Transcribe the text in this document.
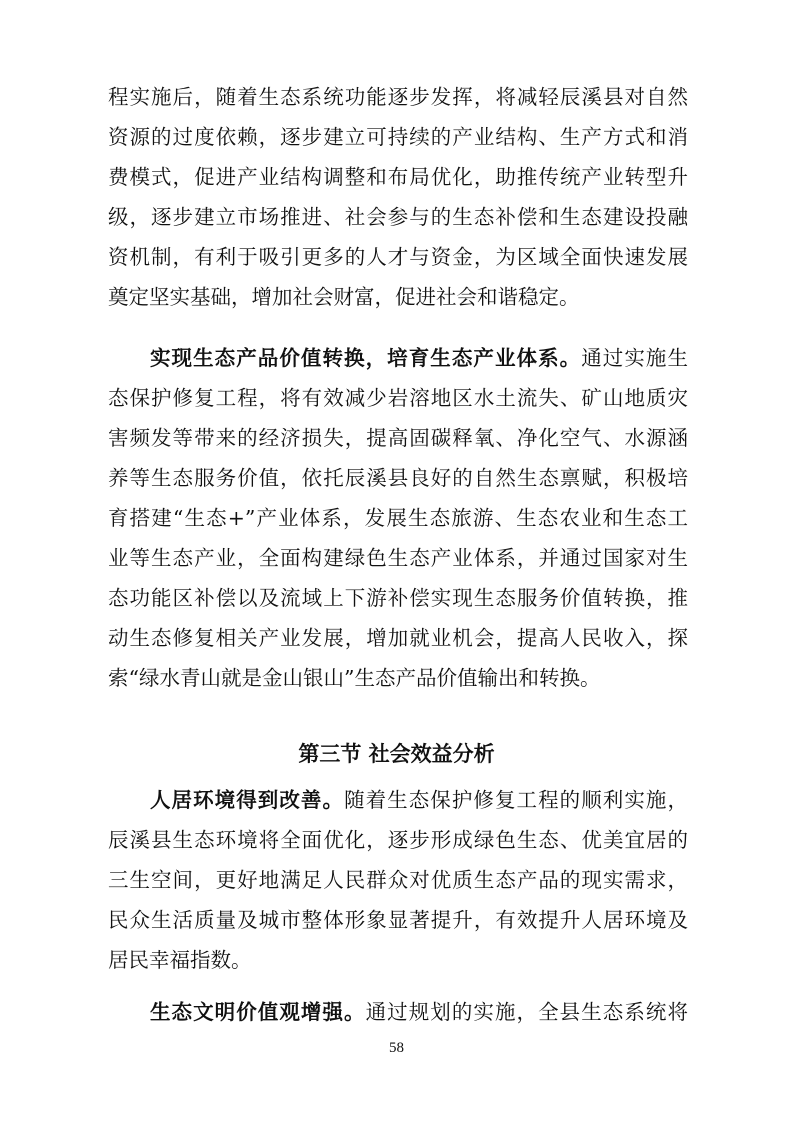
程实施后，随着生态系统功能逐步发挥，将减轻辰溪县对自然
资源的过度依赖，逐步建立可持续的产业结构、生产方式和消
费模式，促进产业结构调整和布局优化，助推传统产业转型升
级，逐步建立市场推进、社会参与的生态补偿和生态建设投融
资机制，有利于吸引更多的人才与资金，为区域全面快速发展
奠定坚实基础，增加社会财富，促进社会和谐稳定。
实现生态产品价值转换，培育生态产业体系。通过实施生
态保护修复工程，将有效减少岩溶地区水土流失、矿山地质灾
害频发等带来的经济损失，提高固碳释氧、净化空气、水源涵
养等生态服务价值，依托辰溪县良好的自然生态禀赋，积极培
育搭建“生态+”产业体系，发展生态旅游、生态农业和生态工
业等生态产业，全面构建绿色生态产业体系，并通过国家对生
态功能区补偿以及流域上下游补偿实现生态服务价值转换，推
动生态修复相关产业发展，增加就业机会，提高人民收入，探
索“绿水青山就是金山银山”生态产品价值输出和转换。
第三节 社会效益分析
人居环境得到改善。随着生态保护修复工程的顺利实施，
辰溪县生态环境将全面优化，逐步形成绿色生态、优美宜居的
三生空间，更好地满足人民群众对优质生态产品的现实需求，
民众生活质量及城市整体形象显著提升，有效提升人居环境及
居民幸福指数。
生态文明价值观增强。通过规划的实施，全县生态系统将
58
